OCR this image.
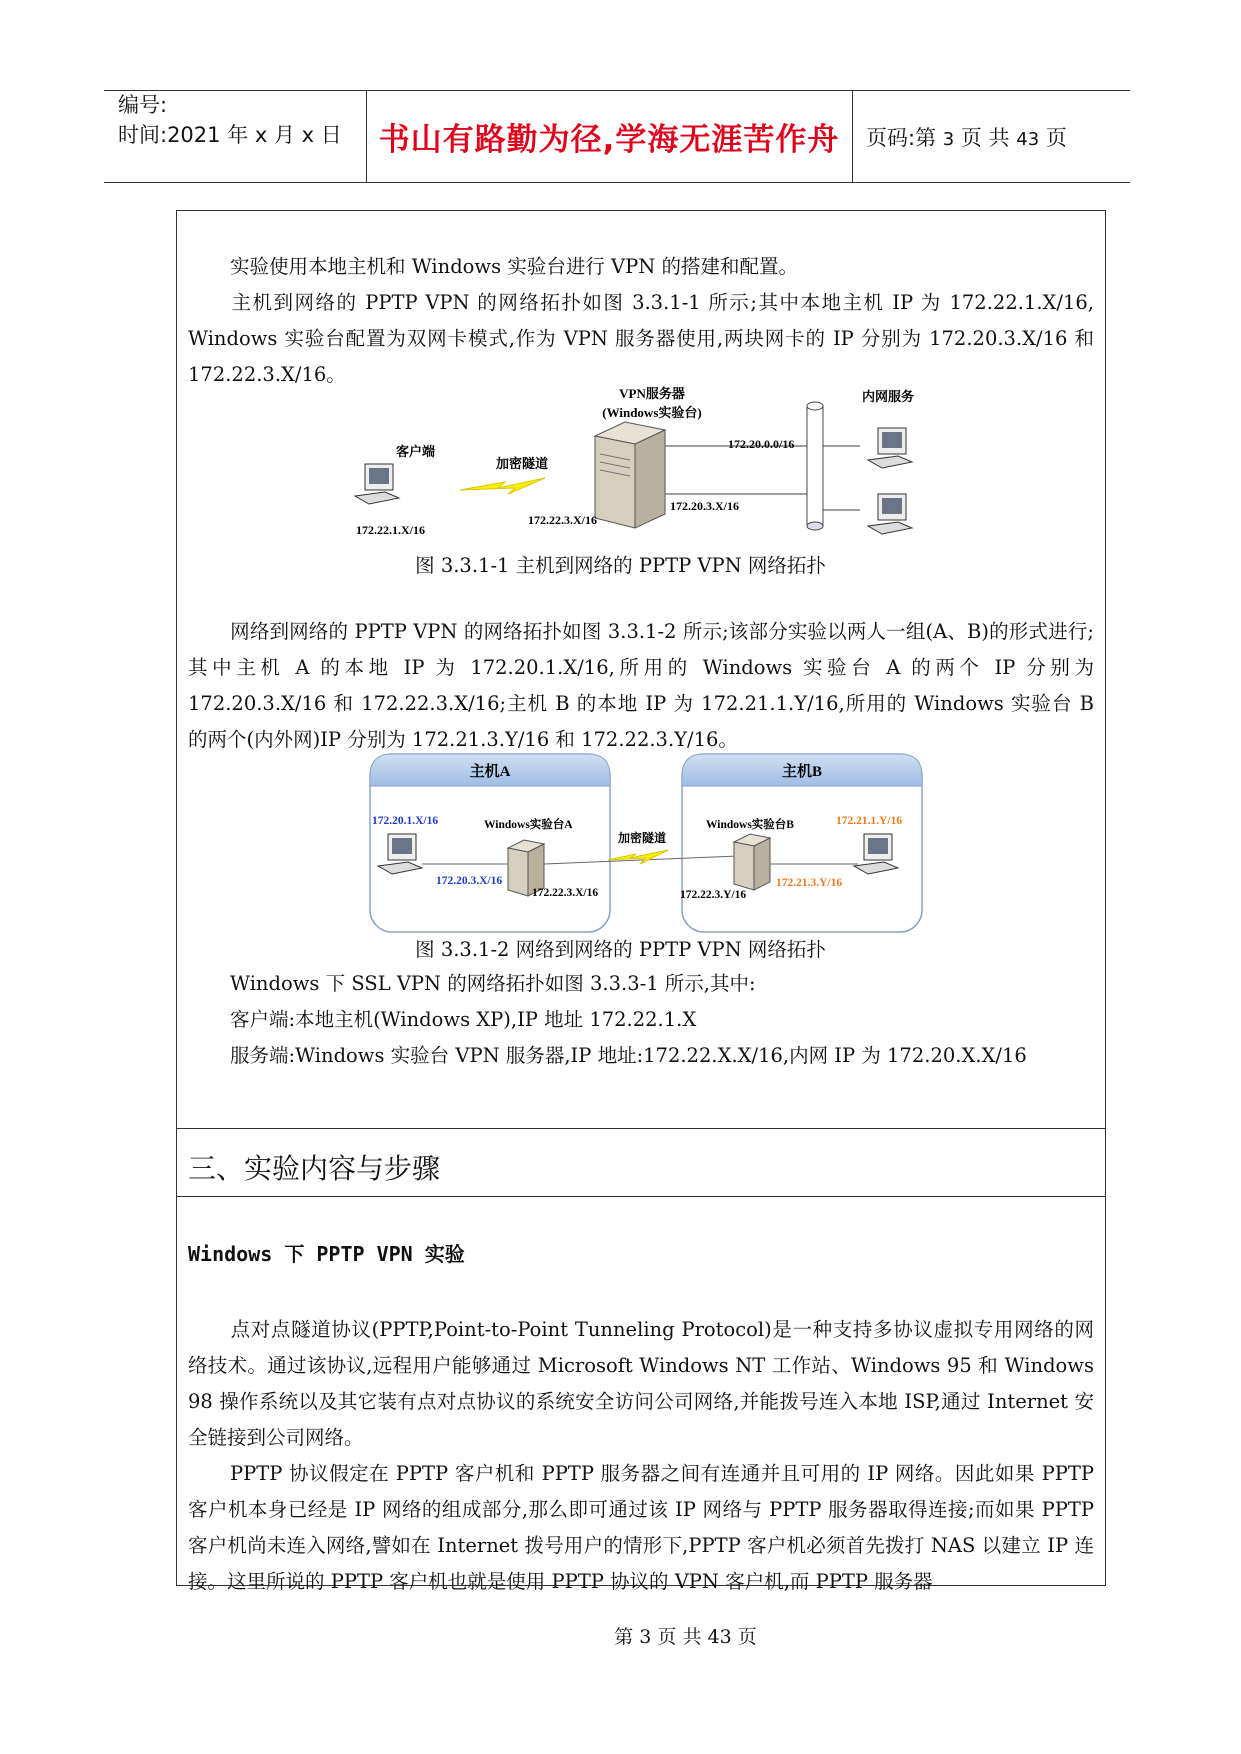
编号:
时间:2021 年 x 月 x 日	书山有路勤为径,学海无涯苦作舟	页码:第 3 页 共 43 页
实验使用本地主机和 Windows 实验台进行 VPN 的搭建和配置。
主机到网络的 PPTP VPN 的网络拓扑如图 3.3.1-1 所示;其中本地主机 IP 为 172.22.1.X/16, Windows 实验台配置为双网卡模式,作为 VPN 服务器使用,两块网卡的 IP 分别为 172.20.3.X/16 和 172.22.3.X/16。
VPN服务器
(Windows实验台)
内网服务
客户端
加密隧道
172.20.0.0/16
172.20.3.X/16
172.22.3.X/16
172.22.1.X/16
图 3.3.1-1 主机到网络的 PPTP VPN 网络拓扑
网络到网络的 PPTP VPN 的网络拓扑如图 3.3.1-2 所示;该部分实验以两人一组(A、B)的形式进行;其中主机 A 的本地 IP 为 172.20.1.X/16,所用的 Windows 实验台 A 的两个 IP 分别为 172.20.3.X/16 和 172.22.3.X/16;主机 B 的本地 IP 为 172.21.1.Y/16,所用的 Windows 实验台 B 的两个(内外网)IP 分别为 172.21.3.Y/16 和 172.22.3.Y/16。
主机A	主机B
172.20.1.X/16	Windows实验台A
172.20.3.X/16
172.22.3.X/16
加密隧道
Windows实验台B	172.21.1.Y/16
172.22.3.Y/16
172.21.3.Y/16
图 3.3.1-2 网络到网络的 PPTP VPN 网络拓扑
Windows 下 SSL VPN 的网络拓扑如图 3.3.3-1 所示,其中:
客户端:本地主机(Windows XP),IP 地址 172.22.1.X
服务端:Windows 实验台 VPN 服务器,IP 地址:172.22.X.X/16,内网 IP 为 172.20.X.X/16
三、实验内容与步骤
Windows 下 PPTP VPN 实验
点对点隧道协议(PPTP,Point-to-Point Tunneling Protocol)是一种支持多协议虚拟专用网络的网络技术。通过该协议,远程用户能够通过 Microsoft Windows NT 工作站、Windows 95 和 Windows 98 操作系统以及其它装有点对点协议的系统安全访问公司网络,并能拨号连入本地 ISP,通过 Internet 安全链接到公司网络。
PPTP 协议假定在 PPTP 客户机和 PPTP 服务器之间有连通并且可用的 IP 网络。因此如果 PPTP 客户机本身已经是 IP 网络的组成部分,那么即可通过该 IP 网络与 PPTP 服务器取得连接;而如果 PPTP 客户机尚未连入网络,譬如在 Internet 拨号用户的情形下,PPTP 客户机必须首先拨打 NAS 以建立 IP 连接。这里所说的 PPTP 客户机也就是使用 PPTP 协议的 VPN 客户机,而 PPTP 服务器
第 3 页 共 43 页
